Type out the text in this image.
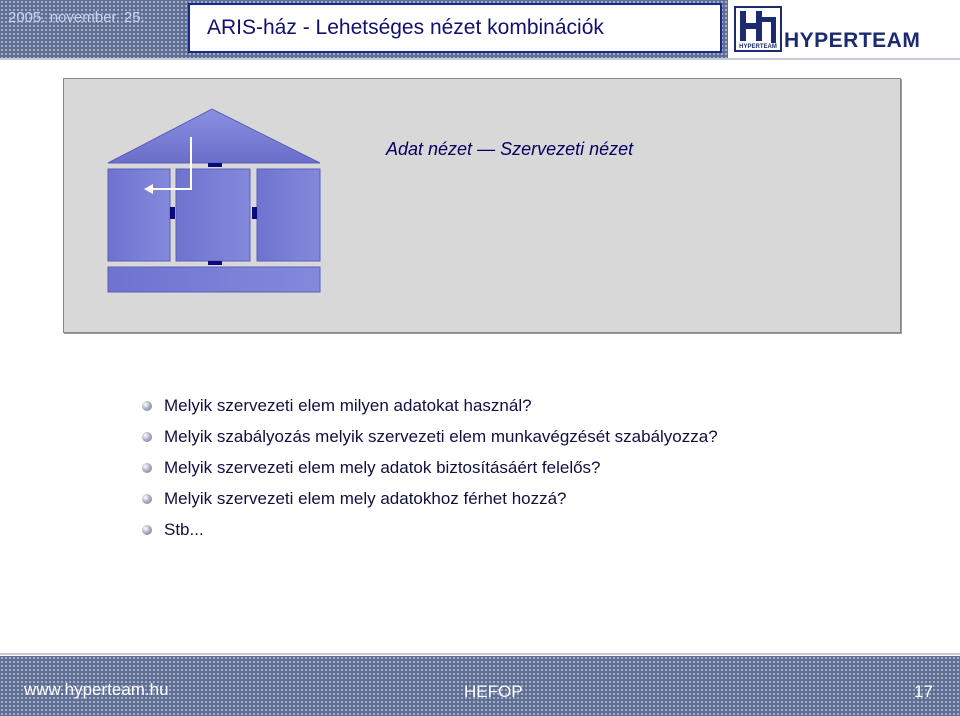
2005. november. 25.	ARIS-ház - Lehetséges nézet kombinációk
HYPERTEAM HYPERTEAM
Adat nézet — Szervezeti nézet
Melyik szervezeti elem milyen adatokat használ?
Melyik szabályozás melyik szervezeti elem munkavégzését szabályozza?
Melyik szervezeti elem mely adatok biztosításáért felelős?
Melyik szervezeti elem mely adatokhoz férhet hozzá?
Stb...
www.hyperteam.hu	HEFOP	17
